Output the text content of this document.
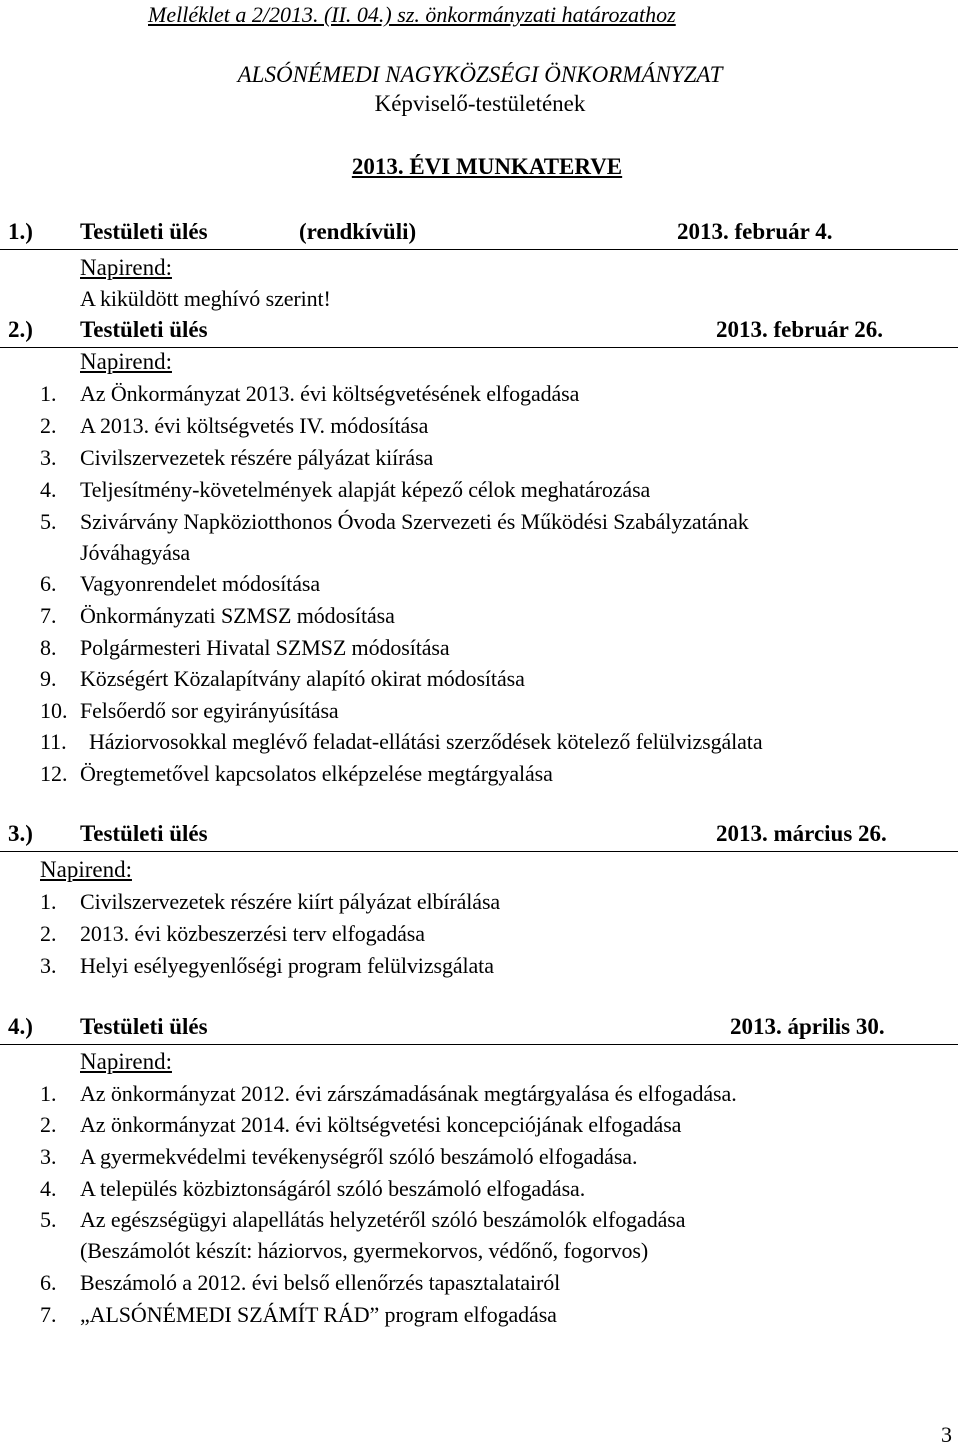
Melléklet a 2/2013. (II. 04.) sz. önkormányzati határozathoz
ALSÓNÉMEDI NAGYKÖZSÉGI ÖNKORMÁNYZAT
Képviselő-testületének
2013. ÉVI MUNKATERVE
1.) Testületi ülés	(rendkívüli)	2013. február 4.
Napirend:
A kiküldött meghívó szerint!
2.) Testületi ülés	2013. február 26.
Napirend:
1. Az Önkormányzat 2013. évi költségvetésének elfogadása
2. A 2013. évi költségvetés IV. módosítása
3. Civilszervezetek részére pályázat kiírása
4. Teljesítmény-követelmények alapját képező célok meghatározása
5. Szivárvány Napköziotthonos Óvoda Szervezeti és Működési Szabályzatának
Jóváhagyása
6. Vagyonrendelet módosítása
7. Önkormányzati SZMSZ módosítása
8. Polgármesteri Hivatal SZMSZ módosítása
9. Községért Közalapítvány alapító okirat módosítása
10. Felsőerdő sor egyirányúsítása
11. Háziorvosokkal meglévő feladat-ellátási szerződések kötelező felülvizsgálata
12. Öregtemetővel kapcsolatos elképzelése megtárgyalása
3.) Testületi ülés	2013. március 26.
Napirend:
1. Civilszervezetek részére kiírt pályázat elbírálása
2. 2013. évi közbeszerzési terv elfogadása
3. Helyi esélyegyenlőségi program felülvizsgálata
4.) Testületi ülés	2013. április 30.
Napirend:
1. Az önkormányzat 2012. évi zárszámadásának megtárgyalása és elfogadása.
2. Az önkormányzat 2014. évi költségvetési koncepciójának elfogadása
3. A gyermekvédelmi tevékenységről szóló beszámoló elfogadása.
4. A település közbiztonságáról szóló beszámoló elfogadása.
5. Az egészségügyi alapellátás helyzetéről szóló beszámolók elfogadása
(Beszámolót készít: háziorvos, gyermekorvos, védőnő, fogorvos)
6. Beszámoló a 2012. évi belső ellenőrzés tapasztalatairól
7. „ALSÓNÉMEDI SZÁMÍT RÁD” program elfogadása
3
